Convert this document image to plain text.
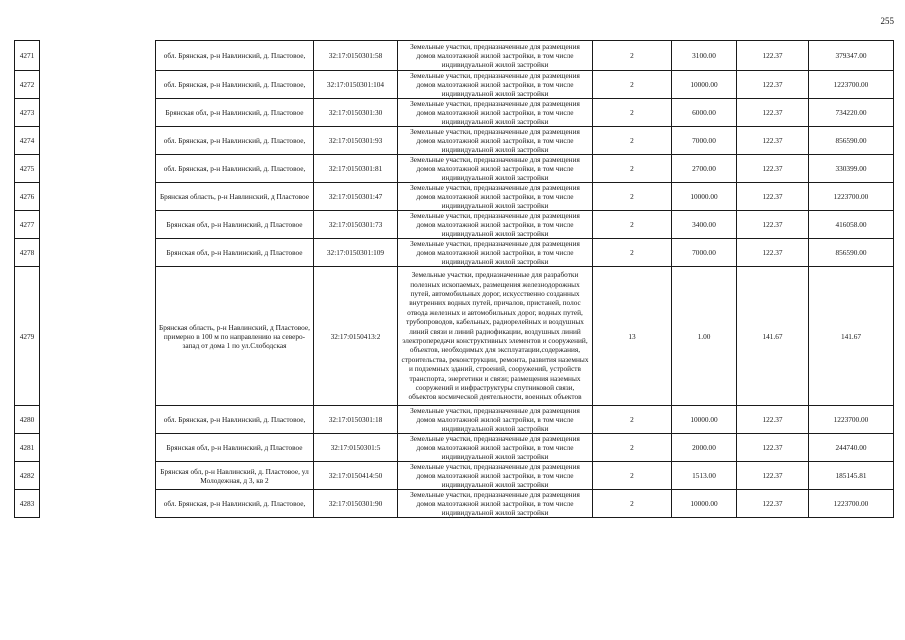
255
4271		обл. Брянская, р-н Навлинский, д. Пластовое,	32:17:0150301:58	Земельные участки, предназначенные для размещения домов малоэтажной жилой застройки, в том числе индивидуальной жилой застройки	2	3100.00	122.37	379347.00
4272		обл. Брянская, р-н Навлинский, д. Пластовое,	32:17:0150301:104	Земельные участки, предназначенные для размещения домов малоэтажной жилой застройки, в том числе индивидуальной жилой застройки	2	10000.00	122.37	1223700.00
4273		Брянская обл, р-н Навлинский, д. Пластовое	32:17:0150301:30	Земельные участки, предназначенные для размещения домов малоэтажной жилой застройки, в том числе индивидуальной жилой застройки	2	6000.00	122.37	734220.00
4274		обл. Брянская, р-н Навлинский, д. Пластовое,	32:17:0150301:93	Земельные участки, предназначенные для размещения домов малоэтажной жилой застройки, в том числе индивидуальной жилой застройки	2	7000.00	122.37	856590.00
4275		обл. Брянская, р-н Навлинский, д. Пластовое,	32:17:0150301:81	Земельные участки, предназначенные для размещения домов малоэтажной жилой застройки, в том числе индивидуальной жилой застройки	2	2700.00	122.37	330399.00
4276		Брянская область, р-н Навлинский, д Пластовое	32:17:0150301:47	Земельные участки, предназначенные для размещения домов малоэтажной жилой застройки, в том числе индивидуальной жилой застройки	2	10000.00	122.37	1223700.00
4277		Брянская обл, р-н Навлинский, д Пластовое	32:17:0150301:73	Земельные участки, предназначенные для размещения домов малоэтажной жилой застройки, в том числе индивидуальной жилой застройки	2	3400.00	122.37	416058.00
4278		Брянская обл, р-н Навлинский, д Пластовое	32:17:0150301:109	Земельные участки, предназначенные для размещения домов малоэтажной жилой застройки, в том числе индивидуальной жилой застройки	2	7000.00	122.37	856590.00
4279		Брянская область, р-н Навлинский, д Пластовое, примерно в 100 м по направлению на северо-запад от дома 1 по ул.Слободская	32:17:0150413:2	Земельные участки, предназначенные для разработки полезных ископаемых, размещения железнодорожных путей, автомобильных дорог, искусственно созданных внутренних водных путей, причалов, пристаней, полос отвода железных и автомобильных дорог, водных путей, трубопроводов, кабельных, радиорелейных и воздушных линий связи и линий радиофикации, воздушных линий электропередачи конструктивных элементов и сооружений, объектов, необходимых для эксплуатации,содержания, строительства, реконструкции, ремонта, развития наземных и подземных зданий, строений, сооружений, устройств транспорта, энергетики и связи; размещения наземных сооружений и инфраструктуры спутниковой связи, объектов космической деятельности, военных объектов	13	1.00	141.67	141.67
4280		обл. Брянская, р-н Навлинский, д. Пластовое,	32:17:0150301:18	Земельные участки, предназначенные для размещения домов малоэтажной жилой застройки, в том числе индивидуальной жилой застройки	2	10000.00	122.37	1223700.00
4281		Брянская обл, р-н Навлинский, д Пластовое	32:17:0150301:5	Земельные участки, предназначенные для размещения домов малоэтажной жилой застройки, в том числе индивидуальной жилой застройки	2	2000.00	122.37	244740.00
4282		Брянская обл, р-н Навлинский, д. Пластовое, ул Молодежная, д 3, кв 2	32:17:0150414:50	Земельные участки, предназначенные для размещения домов малоэтажной жилой застройки, в том числе индивидуальной жилой застройки	2	1513.00	122.37	185145.81
4283		обл. Брянская, р-н Навлинский, д. Пластовое,	32:17:0150301:90	Земельные участки, предназначенные для размещения домов малоэтажной жилой застройки, в том числе индивидуальной жилой застройки	2	10000.00	122.37	1223700.00
